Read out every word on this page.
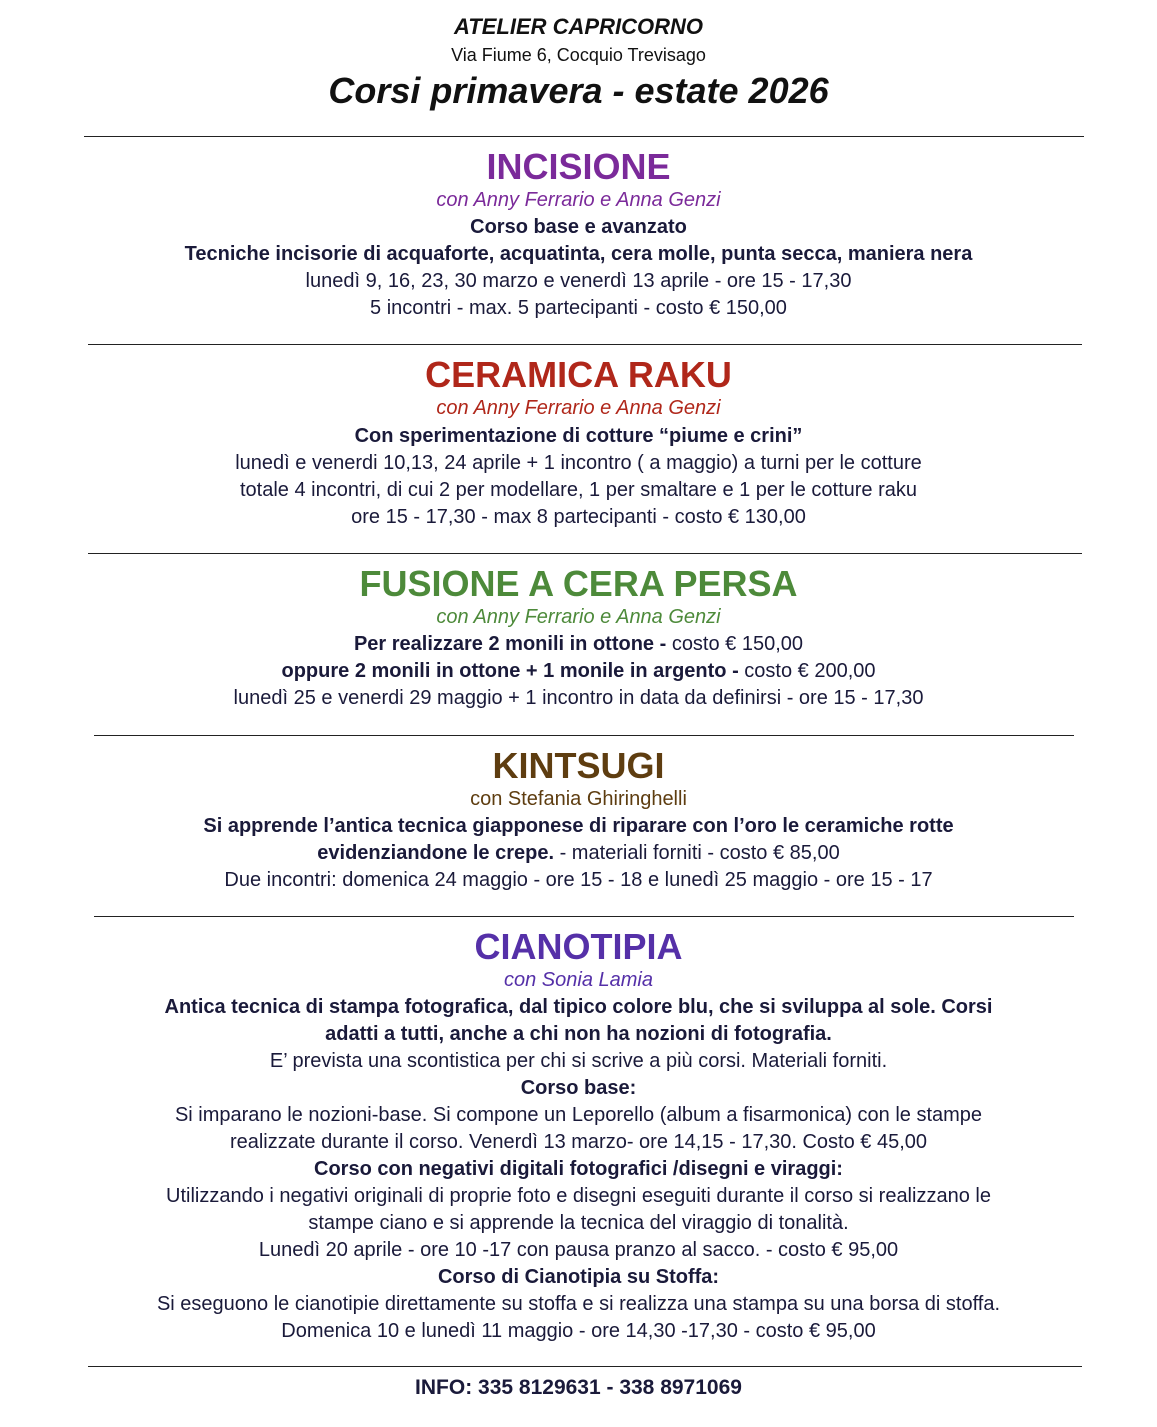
ATELIER CAPRICORNO
Via Fiume 6, Cocquio Trevisago
Corsi primavera - estate 2026
INCISIONE
con Anny Ferrario e Anna Genzi
Corso base e avanzato
Tecniche incisorie di acquaforte, acquatinta, cera molle, punta secca, maniera nera
lunedì 9, 16, 23, 30 marzo e venerdì 13 aprile - ore 15 - 17,30
5 incontri - max. 5 partecipanti - costo € 150,00
CERAMICA RAKU
con Anny Ferrario e Anna Genzi
Con sperimentazione di cotture “piume e crini”
lunedì e venerdi 10,13, 24 aprile + 1 incontro ( a maggio) a turni per le cotture
totale 4 incontri, di cui 2 per modellare, 1 per smaltare e 1 per le cotture raku
ore 15 - 17,30 - max 8 partecipanti - costo € 130,00
FUSIONE A CERA PERSA
con Anny Ferrario e Anna Genzi
Per realizzare 2 monili in ottone - costo € 150,00
oppure 2 monili in ottone + 1 monile in argento - costo € 200,00
lunedì 25 e venerdi 29 maggio + 1 incontro in data da definirsi - ore 15 - 17,30
KINTSUGI
con Stefania Ghiringhelli
Si apprende l’antica tecnica giapponese di riparare con l’oro le ceramiche rotte
evidenziandone le crepe. - materiali forniti - costo € 85,00
Due incontri: domenica 24 maggio - ore 15 - 18 e lunedì 25 maggio - ore 15 - 17
CIANOTIPIA
con Sonia Lamia
Antica tecnica di stampa fotografica, dal tipico colore blu, che si sviluppa al sole. Corsi
adatti a tutti, anche a chi non ha nozioni di fotografia.
E’ prevista una scontistica per chi si scrive a più corsi. Materiali forniti.
Corso base:
Si imparano le nozioni-base. Si compone un Leporello (album a fisarmonica) con le stampe
realizzate durante il corso. Venerdì 13 marzo- ore 14,15 - 17,30. Costo € 45,00
Corso con negativi digitali fotografici /disegni e viraggi:
Utilizzando i negativi originali di proprie foto e disegni eseguiti durante il corso si realizzano le
stampe ciano e si apprende la tecnica del viraggio di tonalità.
Lunedì 20 aprile - ore 10 -17 con pausa pranzo al sacco. - costo € 95,00
Corso di Cianotipia su Stoffa:
Si eseguono le cianotipie direttamente su stoffa e si realizza una stampa su una borsa di stoffa.
Domenica 10 e lunedì 11 maggio - ore 14,30 -17,30 - costo € 95,00
INFO: 335 8129631 - 338 8971069
